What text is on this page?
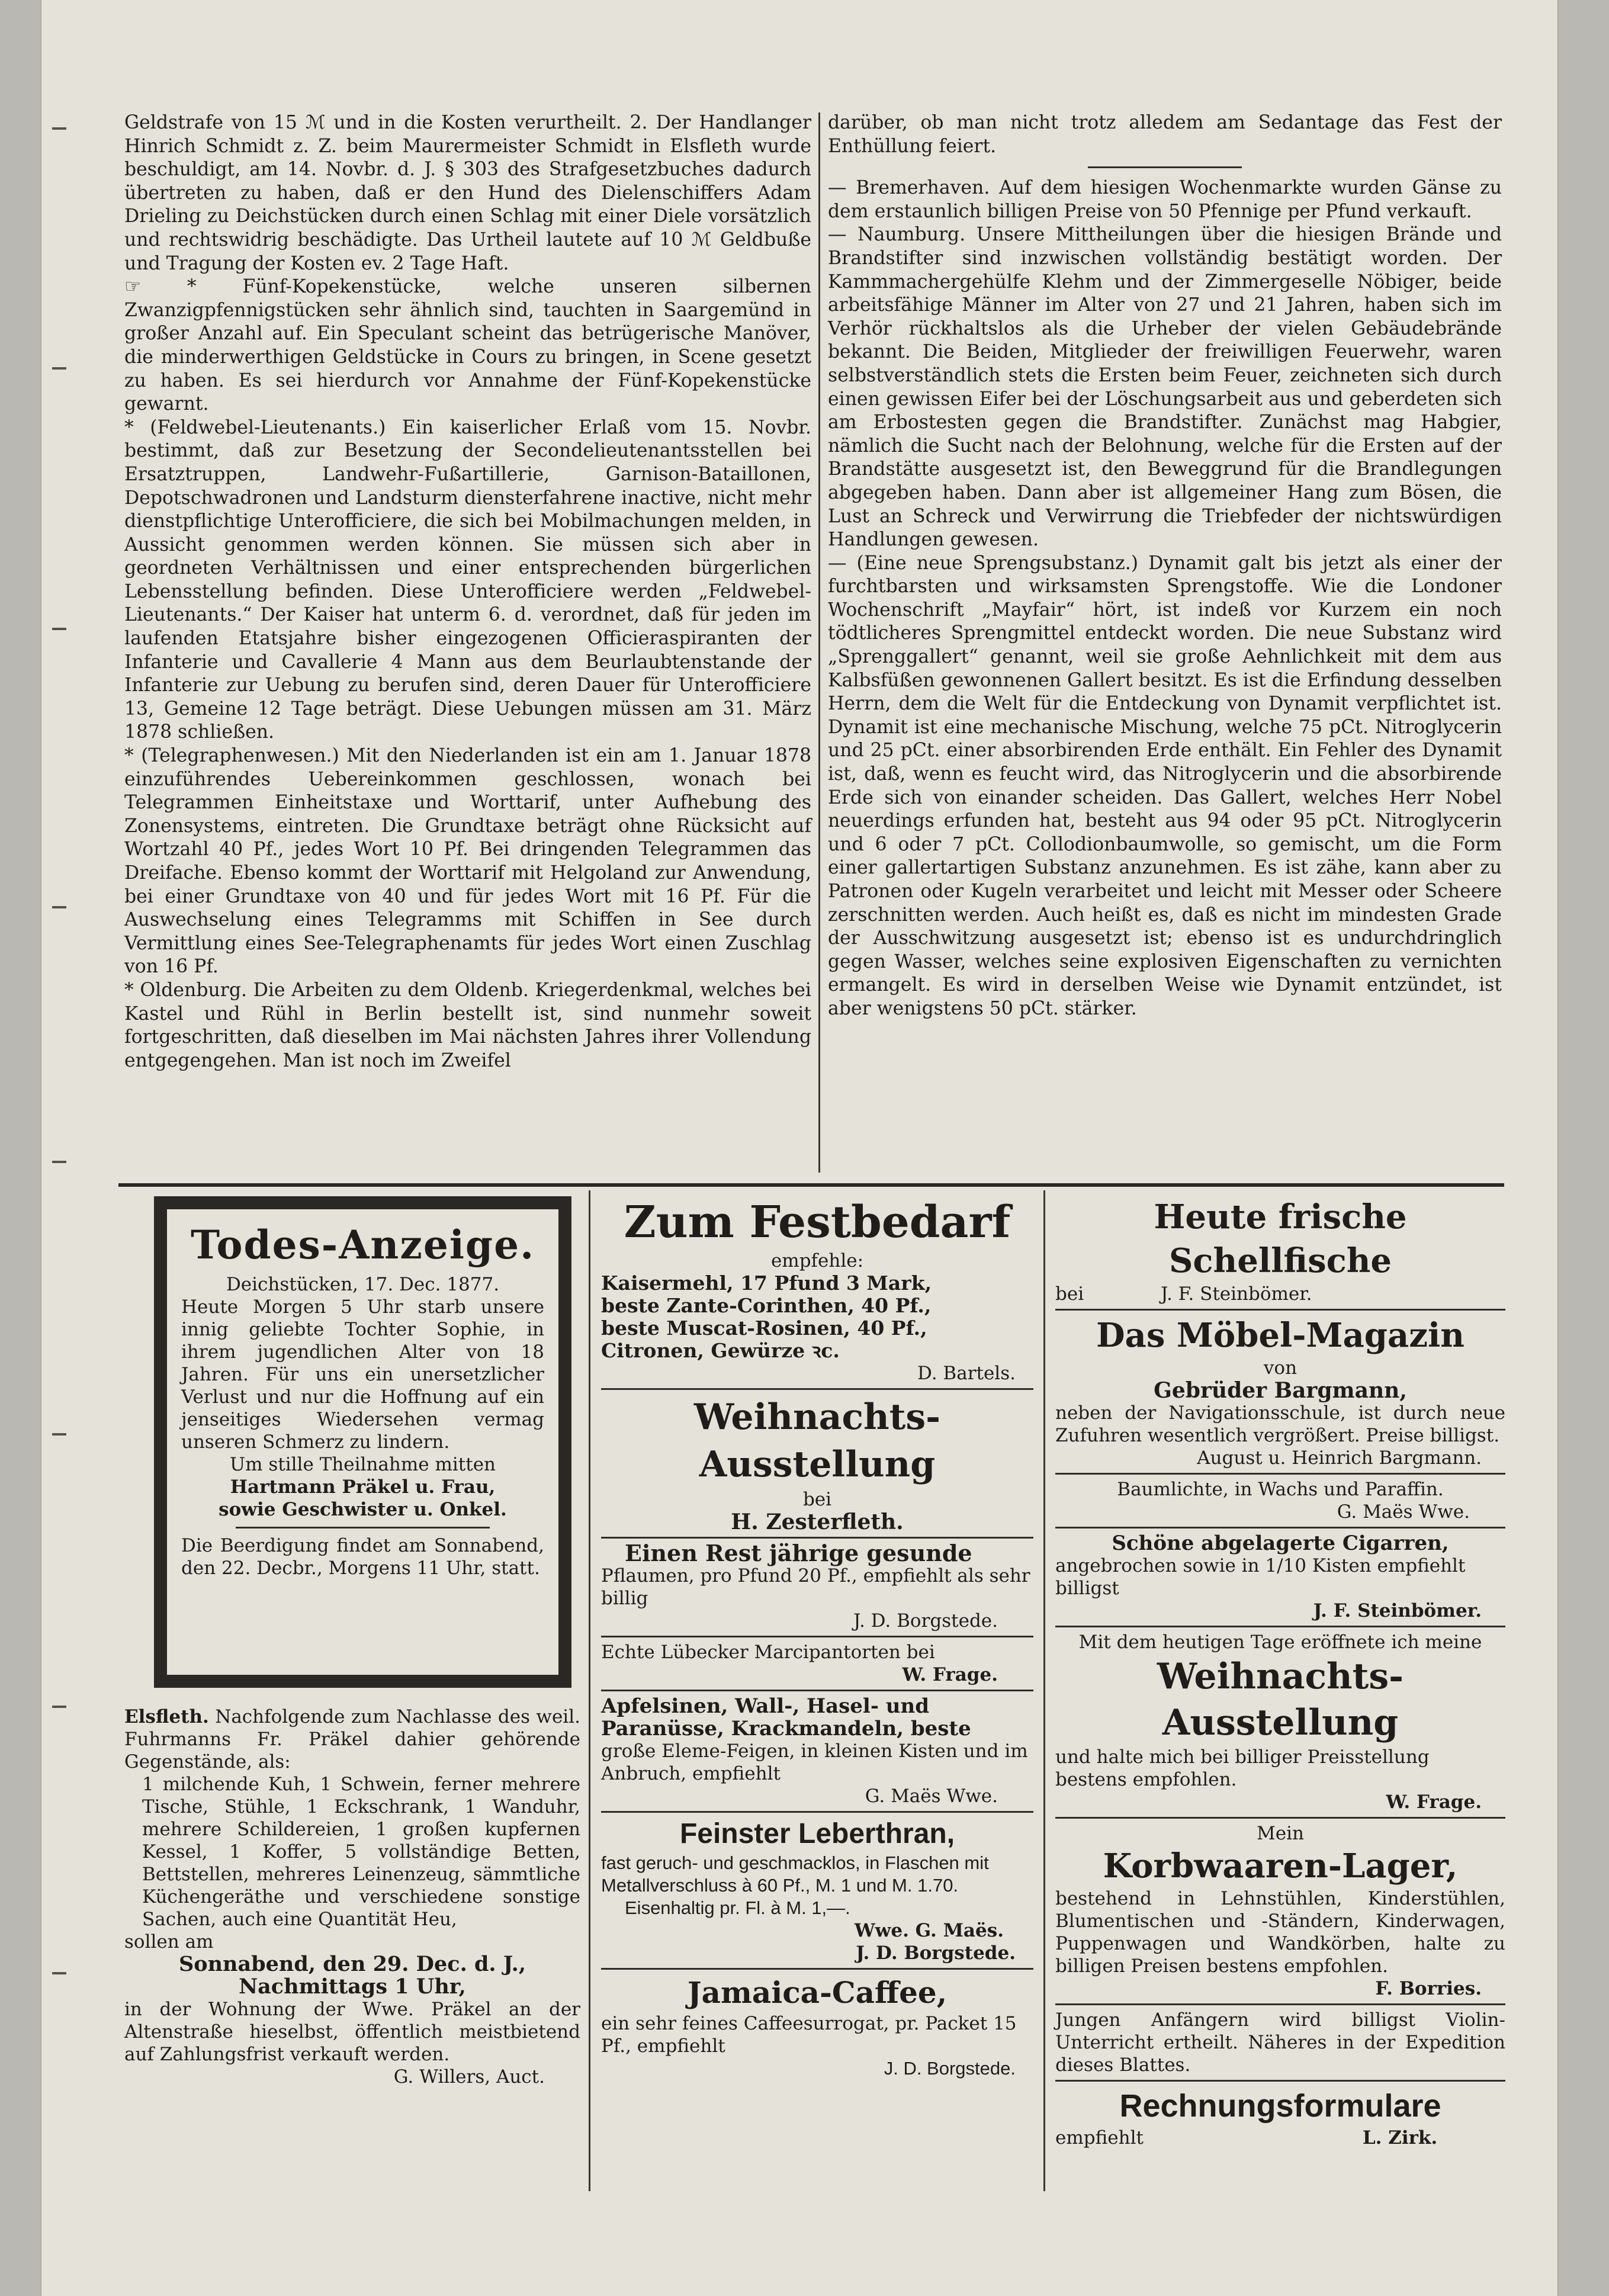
Geldstrafe von 15 ℳ und in die Kosten verurtheilt. 2. Der Handlanger Hinrich Schmidt z. Z. beim Maurermeister Schmidt in Elsfleth wurde beschuldigt, am 14. Novbr. d. J. § 303 des Strafgesetzbuches dadurch übertreten zu haben, daß er den Hund des Dielenschiffers Adam Drieling zu Deichstücken durch einen Schlag mit einer Diele vorsätzlich und rechtswidrig beschädigte. Das Urtheil lautete auf 10 ℳ Geldbuße und Tragung der Kosten ev. 2 Tage Haft.

☞ * Fünf-Kopekenstücke, welche unseren silbernen Zwanzigpfennigstücken sehr ähnlich sind, tauchten in Saargemünd in großer Anzahl auf. Ein Speculant scheint das betrügerische Manöver, die minderwerthigen Geldstücke in Cours zu bringen, in Scene gesetzt zu haben. Es sei hierdurch vor Annahme der Fünf-Kopekenstücke gewarnt.

* (Feldwebel-Lieutenants.) Ein kaiserlicher Erlaß vom 15. Novbr. bestimmt, daß zur Besetzung der Secondelieutenantsstellen bei Ersatztruppen, Landwehr-Fußartillerie, Garnison-Bataillonen, Depotschwadronen und Landsturm diensterfahrene inactive, nicht mehr dienstpflichtige Unterofficiere, die sich bei Mobilmachungen melden, in Aussicht genommen werden können. Sie müssen sich aber in geordneten Verhältnissen und einer entsprechenden bürgerlichen Lebensstellung befinden. Diese Unterofficiere werden „Feldwebel-Lieutenants.“ Der Kaiser hat unterm 6. d. verordnet, daß für jeden im laufenden Etatsjahre bisher eingezogenen Officieraspiranten der Infanterie und Cavallerie 4 Mann aus dem Beurlaubtenstande der Infanterie zur Uebung zu berufen sind, deren Dauer für Unterofficiere 13, Gemeine 12 Tage beträgt. Diese Uebungen müssen am 31. März 1878 schließen.

* (Telegraphenwesen.) Mit den Niederlanden ist ein am 1. Januar 1878 einzuführendes Uebereinkommen geschlossen, wonach bei Telegrammen Einheitstaxe und Worttarif, unter Aufhebung des Zonensystems, eintreten. Die Grundtaxe beträgt ohne Rücksicht auf Wortzahl 40 Pf., jedes Wort 10 Pf. Bei dringenden Telegrammen das Dreifache. Ebenso kommt der Worttarif mit Helgoland zur Anwendung, bei einer Grundtaxe von 40 und für jedes Wort mit 16 Pf. Für die Auswechselung eines Telegramms mit Schiffen in See durch Vermittlung eines See-Telegraphenamts für jedes Wort einen Zuschlag von 16 Pf.

* Oldenburg. Die Arbeiten zu dem Oldenb. Kriegerdenkmal, welches bei Kastel und Rühl in Berlin bestellt ist, sind nunmehr soweit fortgeschritten, daß dieselben im Mai nächsten Jahres ihrer Vollendung entgegengehen. Man ist noch im Zweifel

darüber, ob man nicht trotz alledem am Sedantage das Fest der Enthüllung feiert.

— Bremerhaven. Auf dem hiesigen Wochenmarkte wurden Gänse zu dem erstaunlich billigen Preise von 50 Pfennige per Pfund verkauft.

— Naumburg. Unsere Mittheilungen über die hiesigen Brände und Brandstifter sind inzwischen vollständig bestätigt worden. Der Kammmachergehülfe Klehm und der Zimmergeselle Nöbiger, beide arbeitsfähige Männer im Alter von 27 und 21 Jahren, haben sich im Verhör rückhaltslos als die Urheber der vielen Gebäudebrände bekannt. Die Beiden, Mitglieder der freiwilligen Feuerwehr, waren selbstverständlich stets die Ersten beim Feuer, zeichneten sich durch einen gewissen Eifer bei der Löschungsarbeit aus und geberdeten sich am Erbostesten gegen die Brandstifter. Zunächst mag Habgier, nämlich die Sucht nach der Belohnung, welche für die Ersten auf der Brandstätte ausgesetzt ist, den Beweggrund für die Brandlegungen abgegeben haben. Dann aber ist allgemeiner Hang zum Bösen, die Lust an Schreck und Verwirrung die Triebfeder der nichtswürdigen Handlungen gewesen.

— (Eine neue Sprengsubstanz.) Dynamit galt bis jetzt als einer der furchtbarsten und wirksamsten Sprengstoffe. Wie die Londoner Wochenschrift „Mayfair“ hört, ist indeß vor Kurzem ein noch tödtlicheres Sprengmittel entdeckt worden. Die neue Substanz wird „Sprenggallert“ genannt, weil sie große Aehnlichkeit mit dem aus Kalbsfüßen gewonnenen Gallert besitzt. Es ist die Erfindung desselben Herrn, dem die Welt für die Entdeckung von Dynamit verpflichtet ist. Dynamit ist eine mechanische Mischung, welche 75 pCt. Nitroglycerin und 25 pCt. einer absorbirenden Erde enthält. Ein Fehler des Dynamit ist, daß, wenn es feucht wird, das Nitroglycerin und die absorbirende Erde sich von einander scheiden. Das Gallert, welches Herr Nobel neuerdings erfunden hat, besteht aus 94 oder 95 pCt. Nitroglycerin und 6 oder 7 pCt. Collodionbaumwolle, so gemischt, um die Form einer gallertartigen Substanz anzunehmen. Es ist zähe, kann aber zu Patronen oder Kugeln verarbeitet und leicht mit Messer oder Scheere zerschnitten werden. Auch heißt es, daß es nicht im mindesten Grade der Ausschwitzung ausgesetzt ist; ebenso ist es undurchdringlich gegen Wasser, welches seine explosiven Eigenschaften zu vernichten ermangelt. Es wird in derselben Weise wie Dynamit entzündet, ist aber wenigstens 50 pCt. stärker.

Todes-Anzeige.
Deichstücken, 17. Dec. 1877.
Heute Morgen 5 Uhr starb unsere innig geliebte Tochter Sophie, in ihrem jugendlichen Alter von 18 Jahren. Für uns ein unersetzlicher Verlust und nur die Hoffnung auf ein jenseitiges Wiedersehen vermag unseren Schmerz zu lindern.
Um stille Theilnahme mitten
Hartmann Präkel u. Frau,
sowie Geschwister u. Onkel.
Die Beerdigung findet am Sonnabend, den 22. Decbr., Morgens 11 Uhr, statt.
Elsfleth. Nachfolgende zum Nachlasse des weil. Fuhrmanns Fr. Präkel dahier gehörende Gegenstände, als:
1 milchende Kuh, 1 Schwein, ferner mehrere Tische, Stühle, 1 Eckschrank, 1 Wanduhr, mehrere Schildereien, 1 großen kupfernen Kessel, 1 Koffer, 5 vollständige Betten, Bettstellen, mehreres Leinenzeug, sämmtliche Küchengeräthe und verschiedene sonstige Sachen, auch eine Quantität Heu,
sollen am
Sonnabend, den 29. Dec. d. J.,
Nachmittags 1 Uhr,
in der Wohnung der Wwe. Präkel an der Altenstraße hieselbst, öffentlich meistbietend auf Zahlungsfrist verkauft werden.
G. Willers, Auct.
Zum Festbedarf
empfehle:
Kaisermehl, 17 Pfund 3 Mark,
beste Zante-Corinthen, 40 Pf.,
beste Muscat-Rosinen, 40 Pf.,
Citronen, Gewürze ꝛc.
D. Bartels.
Weihnachts-Ausstellung
bei
H. Zesterfleth.
Einen Rest jährige gesunde
Pflaumen, pro Pfund 20 Pf., empfiehlt als sehr billig
J. D. Borgstede.
Echte Lübecker Marcipantorten bei
W. Frage.
Apfelsinen, Wall-, Hasel- und
Paranüsse, Krackmandeln, beste
große Eleme-Feigen, in kleinen Kisten und im Anbruch, empfiehlt
G. Maës Wwe.
Feinster Leberthran,
fast geruch- und geschmacklos, in Flaschen mit Metallverschluss à 60 Pf., M. 1 und M. 1.70.
Eisenhaltig pr. Fl. à M. 1,—.
Wwe. G. Maës.
J. D. Borgstede.
Jamaica-Caffee,
ein sehr feines Caffeesurrogat, pr. Packet 15 Pf., empfiehlt
J. D. Borgstede.
Heute frische Schellfische
bei	J. F. Steinbömer.
Das Möbel-Magazin
von
Gebrüder Bargmann,
neben der Navigationsschule, ist durch neue Zufuhren wesentlich vergrößert. Preise billigst.
August u. Heinrich Bargmann.
Baumlichte, in Wachs und Paraffin.
G. Maës Wwe.
Schöne abgelagerte Cigarren,
angebrochen sowie in 1/10 Kisten empfiehlt billigst
J. F. Steinbömer.
Mit dem heutigen Tage eröffnete ich meine
Weihnachts-Ausstellung
und halte mich bei billiger Preisstellung bestens empfohlen.
W. Frage.
Mein
Korbwaaren-Lager,
bestehend in Lehnstühlen, Kinderstühlen, Blumentischen und -Ständern, Kinderwagen, Puppenwagen und Wandkörben, halte zu billigen Preisen bestens empfohlen.
F. Borries.
Jungen Anfängern wird billigst Violin-Unterricht ertheilt. Näheres in der Expedition dieses Blattes.
Rechnungsformulare
empfiehlt	L. Zirk.
